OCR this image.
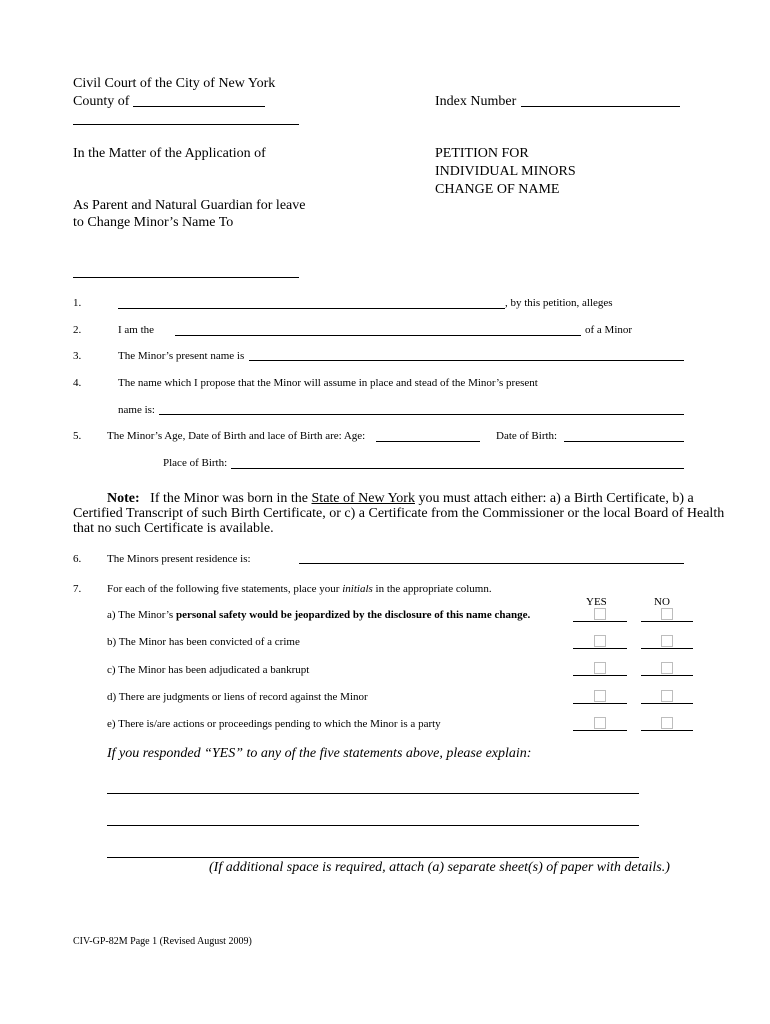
Civil Court of the City of New York
County of	Index Number
In the Matter of the Application of	PETITION FOR
INDIVIDUAL MINORS
CHANGE OF NAME
As Parent and Natural Guardian for leave
to Change Minor’s Name To
1.	, by this petition, alleges
2.	I am the	of a Minor
3.	The Minor’s present name is
4.	The name which I propose that the Minor will assume in place and stead of the Minor’s present
name is:
5. The Minor’s Age, Date of Birth and lace of Birth are: Age:	Date of Birth:
Place of Birth:
Note: If the Minor was born in the State of New York you must attach either: a) a Birth Certificate, b) a
Certified Transcript of such Birth Certificate, or c) a Certificate from the Commissioner or the local Board of Health
that no such Certificate is available.
6. The Minors present residence is:
7. For each of the following five statements, place your initials in the appropriate column.
YES	NO
a) The Minor’s personal safety would be jeopardized by the disclosure of this name change.
b) The Minor has been convicted of a crime
c) The Minor has been adjudicated a bankrupt
d) There are judgments or liens of record against the Minor
e) There is/are actions or proceedings pending to which the Minor is a party
If you responded “YES” to any of the five statements above, please explain:
(If additional space is required, attach (a) separate sheet(s) of paper with details.)
CIV-GP-82M Page 1 (Revised August 2009)
